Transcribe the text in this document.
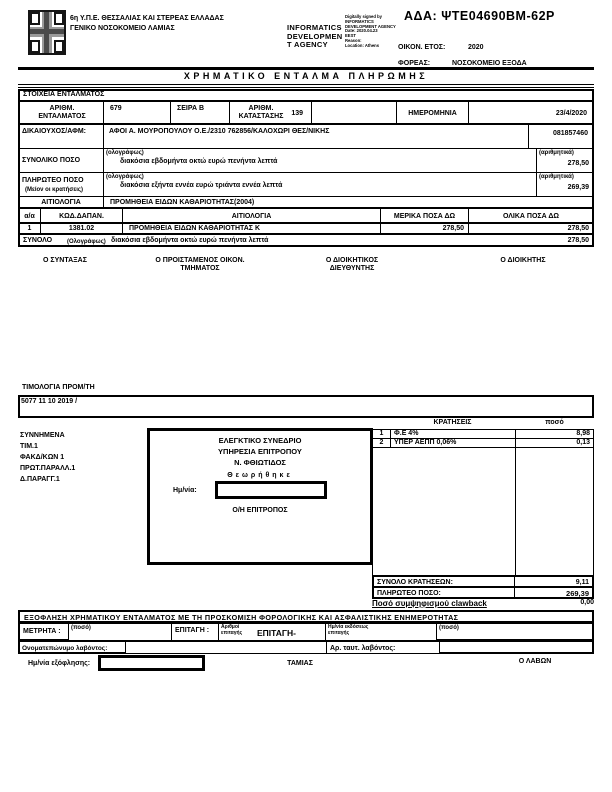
6η Υ.Π.Ε. ΘΕΣΣΑΛΙΑΣ ΚΑΙ ΣΤΕΡΕΑΣ ΕΛΛΑΔΑΣ
ΓΕΝΙΚΟ ΝΟΣΟΚΟΜΕΙΟ ΛΑΜΙΑΣ
ΑΔΑ: ΨΤΕ04690ΒΜ-62Ρ
INFORMATICS
DEVELOPMEN
T AGENCY
Digitally signed by
INFORMATICS
DEVELOPMENT AGENCY
Date: 2020.04.23
EEST
Reason:
Location: Athens	ΟΙΚΟΝ. ΕΤΟΣ:	2020
ΦΟΡΕΑΣ:	ΝΟΣΟΚΟΜΕΙΟ ΕΞΟΔΑ
ΧΡΗΜΑΤΙΚΟ ΕΝΤΑΛΜΑ ΠΛΗΡΩΜΗΣ
ΣΤΟΙΧΕΙΑ ΕΝΤΑΛΜΑΤΟΣ
ΑΡΙΘΜ. ΕΝΤΑΛΜΑΤΟΣ
679	ΣΕΙΡΑ Β	ΑΡΙΘΜ. ΚΑΤΑΣΤΑΣΗΣ	139	ΗΜΕΡΟΜΗΝΙΑ	23/4/2020
ΔΙΚΑΙΟΥΧΟΣ/ΑΦΜ:	ΑΦΟΙ Α. ΜΟΥΡΟΠΟΥΛΟΥ Ο.Ε./2310 762856/ΚΑΛΟΧΩΡΙ ΘΕΣ/ΝΙΚΗΣ	081857460
ΣΥΝΟΛΙΚΟ ΠΟΣΟ
(ολογράφως)
διακόσια εβδομήντα οκτώ ευρώ πενήντα λεπτά
(αριθμητικά)
278,50
ΠΛΗΡΩΤΕΟ ΠΟΣΟ
(Μείον οι κρατήσεις)
(ολογράφως)
διακόσια εξήντα εννέα ευρώ τριάντα εννέα λεπτά
(αριθμητικά)
269,39
ΑΙΤΙΟΛΟΓΙΑ	ΠΡΟΜΗΘΕΙΑ ΕΙΔΩΝ ΚΑΘΑΡΙΟΤΗΤΑΣ(2004)
α/α	ΚΩΔ.ΔΑΠΑΝ.	ΑΙΤΙΟΛΟΓΙΑ	ΜΕΡΙΚΑ ΠΟΣΑ ΔΩ	ΟΛΙΚΑ ΠΟΣΑ ΔΩ
1	1381.02	ΠΡΟΜΗΘΕΙΑ ΕΙΔΩΝ ΚΑΘΑΡΙΟΤΗΤΑΣ Κ	278,50	278,50
ΣΥΝΟΛΟ (Ολογράφως) διακόσια εβδομήντα οκτώ ευρώ πενήντα λεπτά	278,50
Ο ΣΥΝΤΑΞΑΣ	Ο ΠΡΟΙΣΤΑΜΕΝΟΣ ΟΙΚΟΝ. ΤΜΗΜΑΤΟΣ
Ο ΔΙΟΙΚΗΤΙΚΟΣ ΔΙΕΥΘΥΝΤΗΣ
Ο ΔΙΟΙΚΗΤΗΣ
ΤΙΜΟΛΟΓΙΑ ΠΡΟΜ/ΤΗ
5077 11 10 2019 /
ΣΥΝΝΗΜΕΝΑ
ΤΙΜ.1
ΦΑΚΔ/ΚΩΝ 1
ΠΡΩΤ.ΠΑΡΑΛΛ.1
Δ.ΠΑΡΑΓΓ.1
ΕΛΕΓΚΤΙΚΟ ΣΥΝΕΔΡΙΟ
ΥΠΗΡΕΣΙΑ ΕΠΙΤΡΟΠΟΥ
Ν. ΦΘΙΩΤΙΔΟΣ
Θεωρήθηκε
Ημ/νία:
Ο/Η ΕΠΙΤΡΟΠΟΣ
ΚΡΑΤΗΣΕΙΣ	ποσό
1	Φ.Ε 4%	8,98
2	ΥΠΕΡ ΑΕΠΠ 0,06%	0,13
ΣΥΝΟΛΟ ΚΡΑΤΗΣΕΩΝ:	9,11
ΠΛΗΡΩΤΕΟ ΠΟΣΟ:	269,39
Ποσό συμψηφισμού clawback	0,00
ΕΞΟΦΛΗΣΗ ΧΡΗΜΑΤΙΚΟΥ ΕΝΤΑΛΜΑΤΟΣ ΜΕ ΤΗ ΠΡΟΣΚΟΜΙΣΗ ΦΟΡΟΛΟΓΙΚΗΣ ΚΑΙ ΑΣΦΑΛΙΣΤΙΚΗΣ ΕΝΗΜΕΡΟΤΗΤΑΣ
ΜΕΤΡΗΤΑ :	(ποσό)	ΕΠΙΤΑΓΗ :	Αριθμοί επιταγής	ΕΠΙΤΑΓΗ-
Ημ/νία εκδόσεως επιταγής
(ποσό)
Ονοματεπώνυμο λαβόντος:	Αρ. ταυτ. λαβόντος:
Ημ/νία εξόφλησης:	ΤΑΜΙΑΣ	Ο ΛΑΒΩΝ
